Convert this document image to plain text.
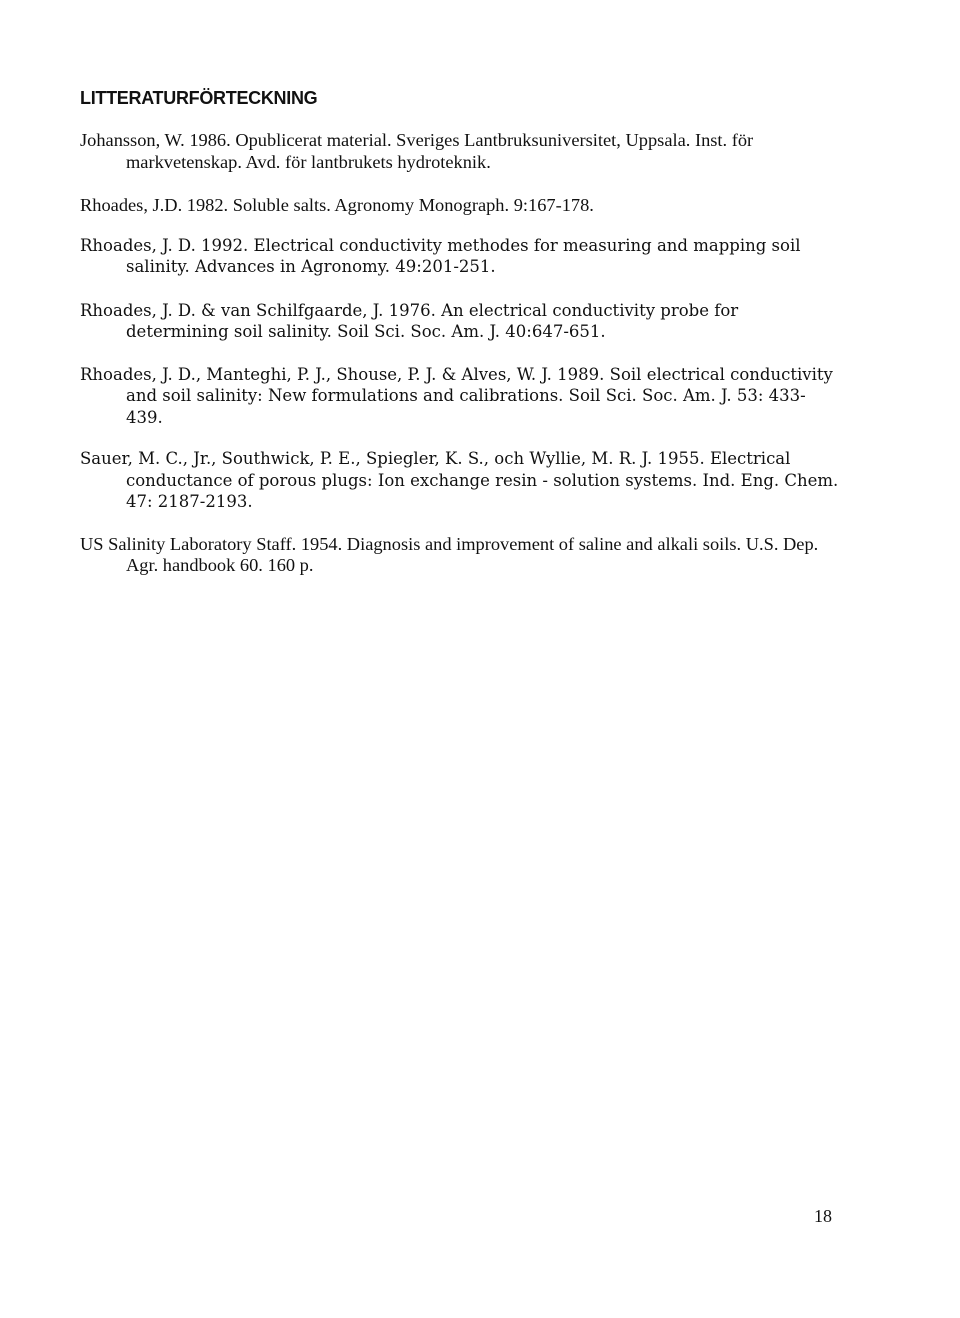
LITTERATURFÖRTECKNING
Johansson, W. 1986. Opublicerat material. Sveriges Lantbruksuniversitet, Uppsala. Inst. för markvetenskap. Avd. för lantbrukets hydroteknik.
Rhoades, J.D. 1982. Soluble salts. Agronomy Monograph. 9:167-178.
Rhoades, J. D. 1992. Electrical conductivity methodes for measuring and mapping soil salinity. Advances in Agronomy. 49:201-251.
Rhoades, J. D. & van Schilfgaarde, J. 1976. An electrical conductivity probe for determining soil salinity. Soil Sci. Soc. Am. J. 40:647-651.
Rhoades, J. D., Manteghi, P. J., Shouse, P. J. & Alves, W. J. 1989. Soil electrical conductivity and soil salinity: New formulations and calibrations. Soil Sci. Soc. Am. J. 53: 433-439.
Sauer, M. C., Jr., Southwick, P. E., Spiegler, K. S., och Wyllie, M. R. J. 1955. Electrical conductance of porous plugs: Ion exchange resin - solution systems. Ind. Eng. Chem. 47: 2187-2193.
US Salinity Laboratory Staff. 1954. Diagnosis and improvement of saline and alkali soils. U.S. Dep. Agr. handbook 60. 160 p.
18
